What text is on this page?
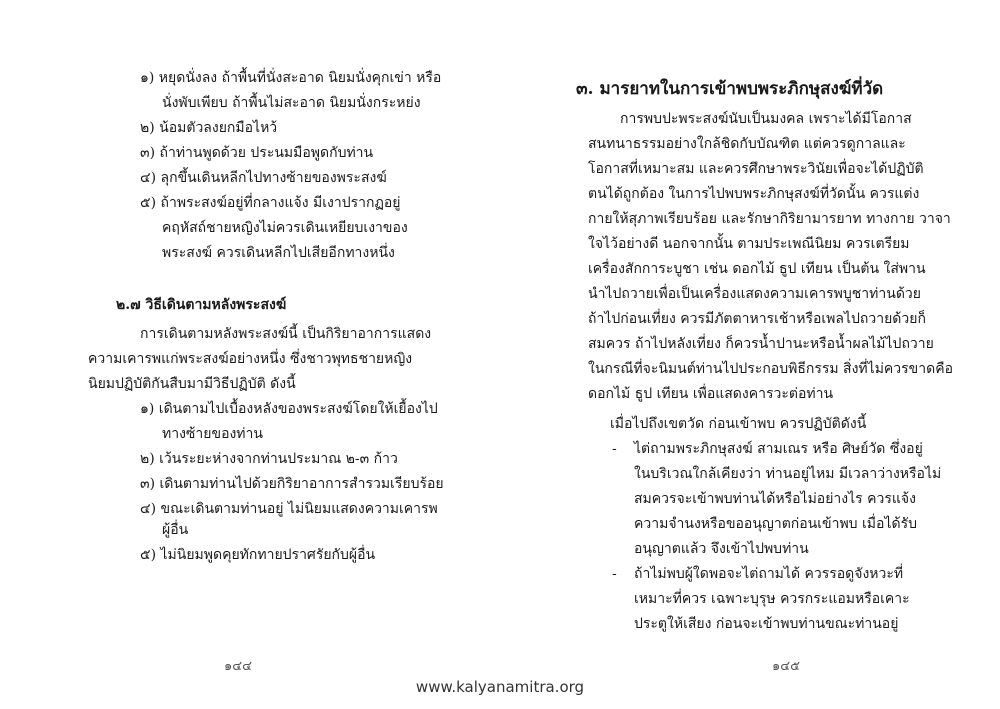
๑) หยุดนั่งลง ถ้าพื้นที่นั่งสะอาด นิยมนั่งคุกเข่า หรือ
นั่งพับเพียบ ถ้าพื้นไม่สะอาด นิยมนั่งกระหย่ง
๒) น้อมตัวลงยกมือไหว้
๓) ถ้าท่านพูดด้วย ประนมมือพูดกับท่าน
๔) ลุกขึ้นเดินหลีกไปทางซ้ายของพระสงฆ์
๕) ถ้าพระสงฆ์อยู่ที่กลางแจ้ง มีเงาปรากฏอยู่
คฤหัสถ์ชายหญิงไม่ควรเดินเหยียบเงาของ
พระสงฆ์ ควรเดินหลีกไปเสียอีกทางหนึ่ง
๒.๗ วิธีเดินตามหลังพระสงฆ์
การเดินตามหลังพระสงฆ์นี้ เป็นกิริยาอาการแสดง
ความเคารพแก่พระสงฆ์อย่างหนึ่ง ซึ่งชาวพุทธชายหญิง
นิยมปฏิบัติกันสืบมามีวิธีปฏิบัติ ดังนี้
๑) เดินตามไปเบื้องหลังของพระสงฆ์โดยให้เยื้องไป
ทางซ้ายของท่าน
๒) เว้นระยะห่างจากท่านประมาณ ๒-๓ ก้าว
๓) เดินตามท่านไปด้วยกิริยาอาการสำรวมเรียบร้อย
๔) ขณะเดินตามท่านอยู่ ไม่นิยมแสดงความเคารพ
ผู้อื่น
๕) ไม่นิยมพูดคุยทักทายปราศรัยกับผู้อื่น
๑๔๔
๓. มารยาทในการเข้าพบพระภิกษุสงฆ์ที่วัด
การพบปะพระสงฆ์นับเป็นมงคล เพราะได้มีโอกาส
สนทนาธรรมอย่างใกล้ชิดกับบัณฑิต แต่ควรดูกาลและ
โอกาสที่เหมาะสม และควรศึกษาพระวินัยเพื่อจะได้ปฏิบัติ
ตนได้ถูกต้อง ในการไปพบพระภิกษุสงฆ์ที่วัดนั้น ควรแต่ง
กายให้สุภาพเรียบร้อย และรักษากิริยามารยาท ทางกาย วาจา
ใจไว้อย่างดี นอกจากนั้น ตามประเพณีนิยม ควรเตรียม
เครื่องสักการะบูชา เช่น ดอกไม้ ธูป เทียน เป็นต้น ใส่พาน
นำไปถวายเพื่อเป็นเครื่องแสดงความเคารพบูชาท่านด้วย
ถ้าไปก่อนเที่ยง ควรมีภัตตาหารเช้าหรือเพลไปถวายด้วยก็
สมควร ถ้าไปหลังเที่ยง ก็ควรน้ำปานะหรือน้ำผลไม้ไปถวาย
ในกรณีที่จะนิมนต์ท่านไปประกอบพิธีกรรม สิ่งที่ไม่ควรขาดคือ
ดอกไม้ ธูป เทียน เพื่อแสดงคารวะต่อท่าน
เมื่อไปถึงเขตวัด ก่อนเข้าพบ ควรปฏิบัติดังนี้
- ไต่ถามพระภิกษุสงฆ์ สามเณร หรือ ศิษย์วัด ซึ่งอยู่
ในบริเวณใกล้เคียงว่า ท่านอยู่ไหม มีเวลาว่างหรือไม่
สมควรจะเข้าพบท่านได้หรือไม่อย่างไร ควรแจ้ง
ความจำนงหรือขออนุญาตก่อนเข้าพบ เมื่อได้รับ
อนุญาตแล้ว จึงเข้าไปพบท่าน
- ถ้าไม่พบผู้ใดพอจะไต่ถามได้ ควรรอดูจังหวะที่
เหมาะที่ควร เฉพาะบุรุษ ควรกระแอมหรือเคาะ
ประตูให้เสียง ก่อนจะเข้าพบท่านขณะท่านอยู่
๑๔๕
www.kalyanamitra.org
